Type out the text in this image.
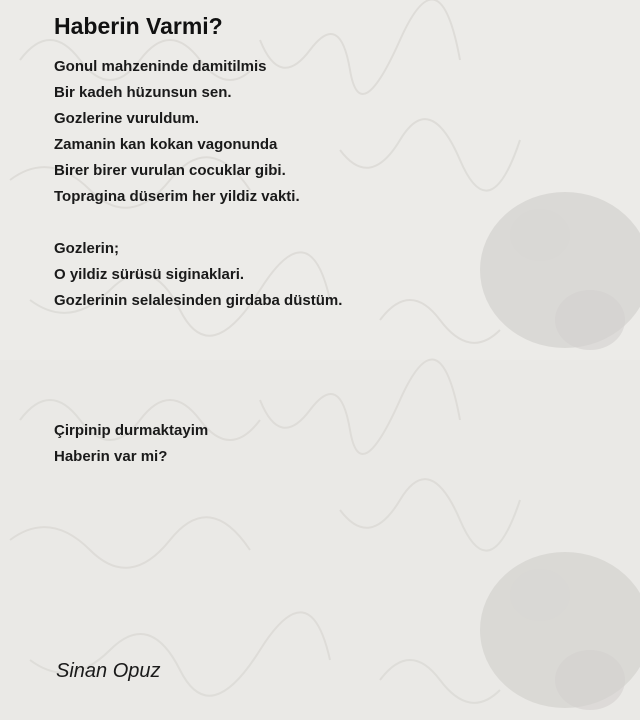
Haberin Varmi?
Gonul mahzeninde damitilmis
Bir kadeh hüzunsun sen.
Gozlerine vuruldum.
Zamanin kan kokan vagonunda
Birer birer vurulan cocuklar gibi.
Topragina düserim her yildiz vakti.
Gozlerin;
O yildiz sürüsü siginaklari.
Gozlerinin selalesinden girdaba düstüm.
Çirpinip durmaktayim
Haberin var mi?
Sinan Opuz
